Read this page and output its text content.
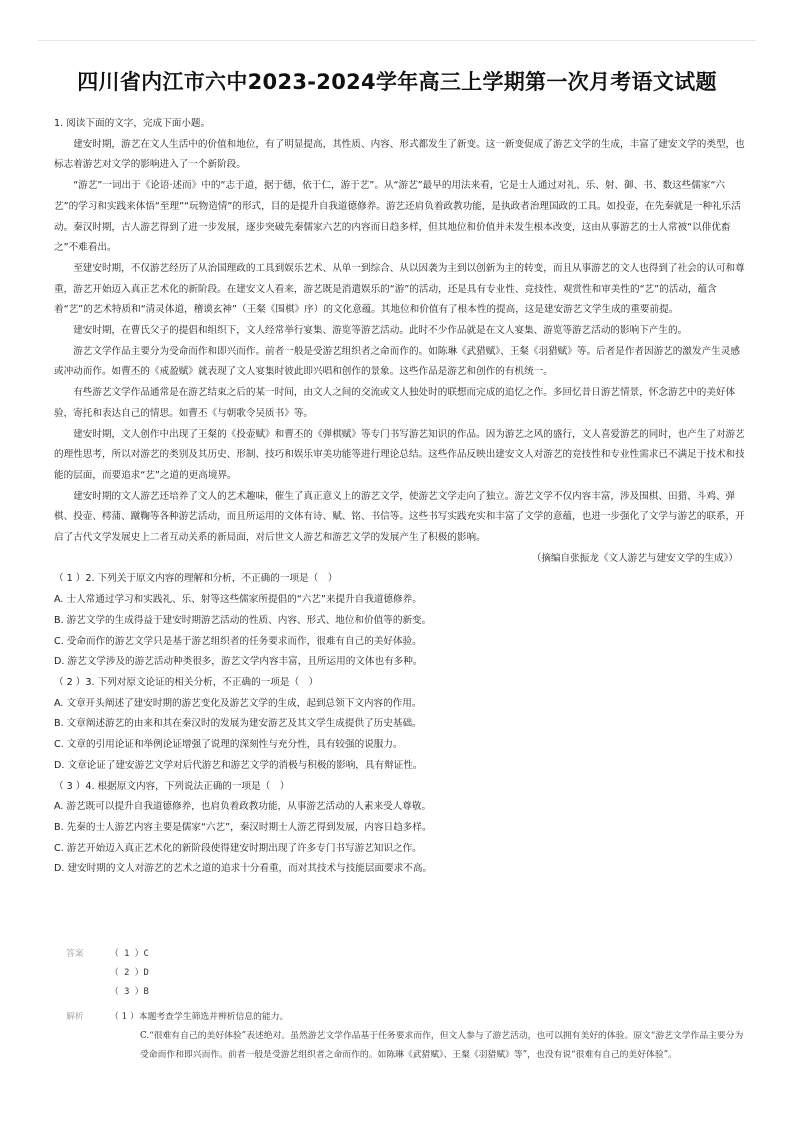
四川省内江市六中2023-2024学年高三上学期第一次月考语文试题

1. 阅读下面的文字，完成下面小题。

建安时期，游艺在文人生活中的价值和地位，有了明显提高，其性质、内容、形式都发生了新变。这一新变促成了游艺文学的生成，丰富了建安文学的类型，也标志着游艺对文学的影响进入了一个新阶段。

“游艺”一词出于《论语·述而》中的“志于道，据于德，依于仁，游于艺”。从“游艺”最早的用法来看，它是士人通过对礼、乐、射、御、书、数这些儒家“六艺”的学习和实践来体悟“至理”“玩物造情”的形式，目的是提升自我道德修养。游艺还肩负着政教功能，是执政者治理国政的工具。如投壶，在先秦就是一种礼乐活动。秦汉时期，古人游艺得到了进一步发展，逐步突破先秦儒家六艺的内容而日趋多样，但其地位和价值并未发生根本改变，这由从事游艺的士人常被“以俳优畜之”不难看出。

至建安时期，不仅游艺经历了从治国理政的工具到娱乐艺术、从单一到综合、从以因袭为主到以创新为主的转变，而且从事游艺的文人也得到了社会的认可和尊重，游艺开始迈入真正艺术化的新阶段。在建安文人看来，游艺既是消遣娱乐的“游”的活动，还是具有专业性、竞技性、观赏性和审美性的“艺”的活动，蕴含着“艺”的艺术特质和“清灵体道，稽谟玄神”（王粲《围棋》序）的文化意蕴。其地位和价值有了根本性的提高，这是建安游艺文学生成的重要前提。

建安时期，在曹氏父子的提倡和组织下，文人经常举行宴集、游览等游艺活动。此时不少作品就是在文人宴集、游览等游艺活动的影响下产生的。

游艺文学作品主要分为受命而作和即兴而作。前者一般是受游艺组织者之命而作的。如陈琳《武猎赋》、王粲《羽猎赋》等。后者是作者因游艺的激发产生灵感或冲动而作。如曹丕的《戒盈赋》就表现了文人宴集时彼此即兴唱和创作的景象。这些作品是游艺和创作的有机统一。

有些游艺文学作品通常是在游艺结束之后的某一时间，由文人之间的交流或文人独处时的联想而完成的追忆之作。多回忆昔日游艺情景，怀念游艺中的美好体验，寄托和表达自己的情思。如曹丕《与朝歌令吴质书》等。

建安时期，文人创作中出现了王粲的《投壶赋》和曹丕的《弹棋赋》等专门书写游艺知识的作品。因为游艺之风的盛行，文人喜爱游艺的同时，也产生了对游艺的理性思考，所以对游艺的类别及其历史、形制、技巧和娱乐审美功能等进行理论总结。这些作品反映出建安文人对游艺的竞技性和专业性需求已不满足于技术和技能的层面，而要追求“艺”之道的更高境界。

建安时期的文人游艺还培养了文人的艺术趣味，催生了真正意义上的游艺文学，使游艺文学走向了独立。游艺文学不仅内容丰富，涉及围棋、田猎、斗鸡、弹棋、投壶、樗蒲、蹴鞠等各种游艺活动，而且所运用的文体有诗、赋、铭、书信等。这些书写实践充实和丰富了文学的意蕴，也进一步强化了文学与游艺的联系，开启了古代文学发展史上二者互动关系的新局面，对后世文人游艺和游艺文学的发展产生了积极的影响。

（摘编自张振龙《文人游艺与建安文学的生成》）

（ 1 ）2. 下列关于原文内容的理解和分析，不正确的一项是（　）

A. 士人常通过学习和实践礼、乐、射等这些儒家所提倡的“六艺”来提升自我道德修养。

B. 游艺文学的生成得益于建安时期游艺活动的性质、内容、形式、地位和价值等的新变。

C. 受命而作的游艺文学只是基于游艺组织者的任务要求而作，很难有自己的美好体验。

D. 游艺文学涉及的游艺活动种类很多，游艺文学内容丰富，且所运用的文体也有多种。

（ 2 ）3. 下列对原文论证的相关分析，不正确的一项是（　）

A. 文章开头阐述了建安时期的游艺变化及游艺文学的生成，起到总领下文内容的作用。

B. 文章阐述游艺的由来和其在秦汉时的发展为建安游艺及其文学生成提供了历史基础。

C. 文章的引用论证和举例论证增强了说理的深刻性与充分性，具有较强的说服力。

D. 文章论证了建安游艺文学对后代游艺和游艺文学的消极与积极的影响，具有辩证性。

（ 3 ）4. 根据原文内容，下列说法正确的一项是（　）

A. 游艺既可以提升自我道德修养，也肩负着政教功能，从事游艺活动的人素来受人尊敬。

B. 先秦的士人游艺内容主要是儒家“六艺”，秦汉时期士人游艺得到发展，内容日趋多样。

C. 游艺开始迈入真正艺术化的新阶段使得建安时期出现了许多专门书写游艺知识之作。

D. 建安时期的文人对游艺的艺术之道的追求十分看重，而对其技术与技能层面要求不高。

答案	（ 1 ）C
（ 2 ）D
（ 3 ）B
解析	（ 1 ）本题考查学生筛选并辨析信息的能力。
C.“很难有自己的美好体验”表述绝对。虽然游艺文学作品基于任务要求而作，但文人参与了游艺活动，也可以拥有美好的体验。原文“游艺文学作品主要分为受命而作和即兴而作。前者一般是受游艺组织者之命而作的。如陈琳《武猎赋》、王粲《羽猎赋》等”，也没有说“很难有自己的美好体验”。
